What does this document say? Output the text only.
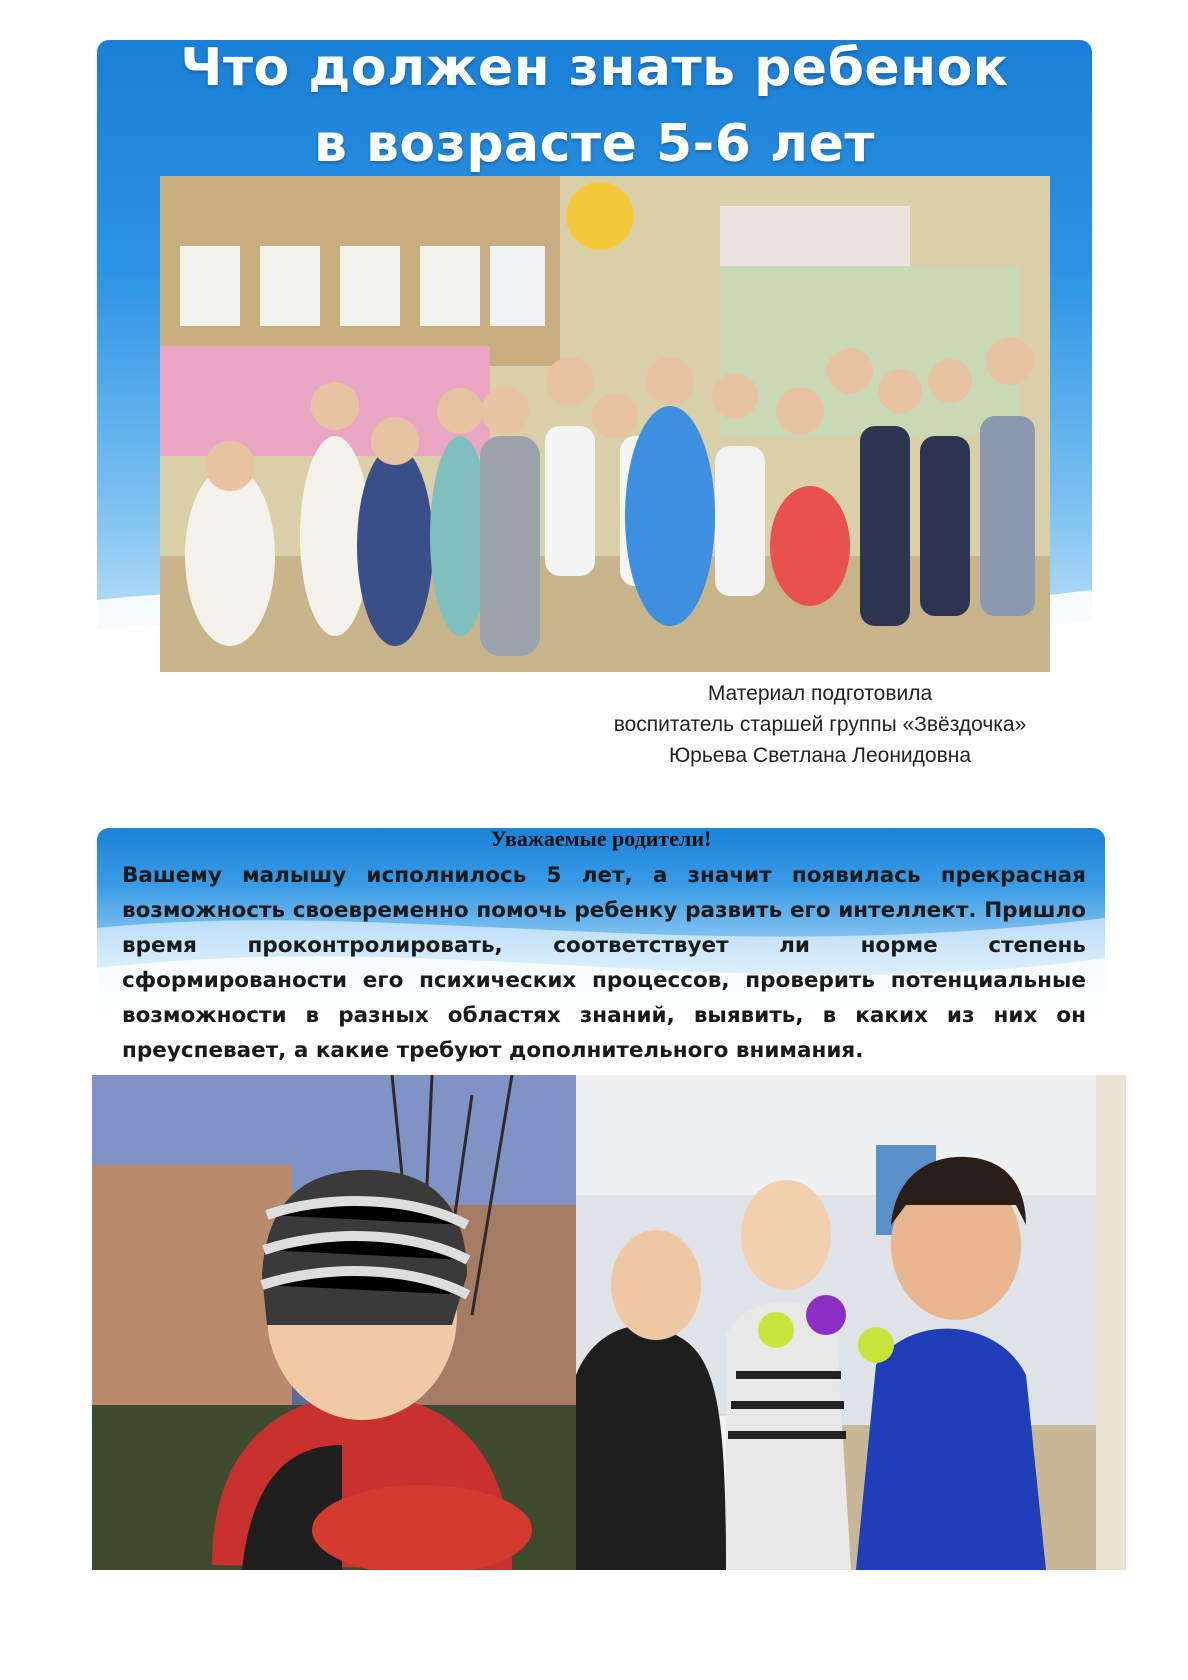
Что должен знать ребенок
в возрасте 5-6 лет
Материал подготовила
воспитатель старшей группы «Звёздочка»
Юрьева Светлана Леонидовна
Уважаемые родители!
Вашему малышу исполнилось 5 лет, а значит появилась прекрасная возможность своевременно помочь ребенку развить его интеллект. Пришло время проконтролировать, соответствует ли норме степень сформированости его психических процессов, проверить потенциальные возможности в разных областях знаний, выявить, в каких из них он преуспевает, а какие требуют дополнительного внимания.
